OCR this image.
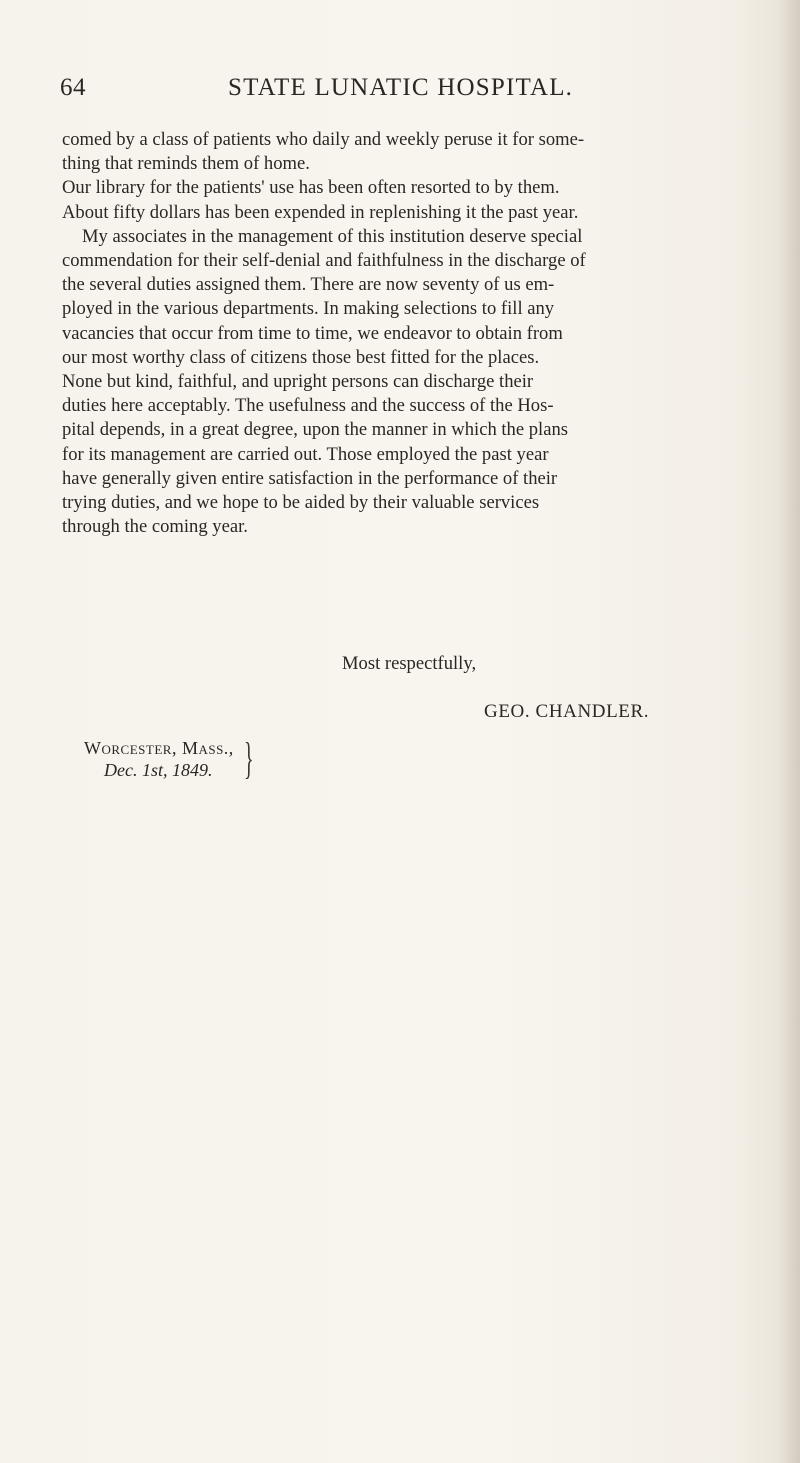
64	STATE LUNATIC HOSPITAL.

comed by a class of patients who daily and weekly peruse it for some-

thing that reminds them of home.

Our library for the patients' use has been often resorted to by them.

About fifty dollars has been expended in replenishing it the past year.

My associates in the management of this institution deserve special

commendation for their self-denial and faithfulness in the discharge of

the several duties assigned them. There are now seventy of us em-

ployed in the various departments. In making selections to fill any

vacancies that occur from time to time, we endeavor to obtain from

our most worthy class of citizens those best fitted for the places.

None but kind, faithful, and upright persons can discharge their

duties here acceptably. The usefulness and the success of the Hos-

pital depends, in a great degree, upon the manner in which the plans

for its management are carried out. Those employed the past year

have generally given entire satisfaction in the performance of their

trying duties, and we hope to be aided by their valuable services

through the coming year.

Most respectfully,
GEO. CHANDLER.
Worcester, Mass.,
Dec. 1st, 1849. }
